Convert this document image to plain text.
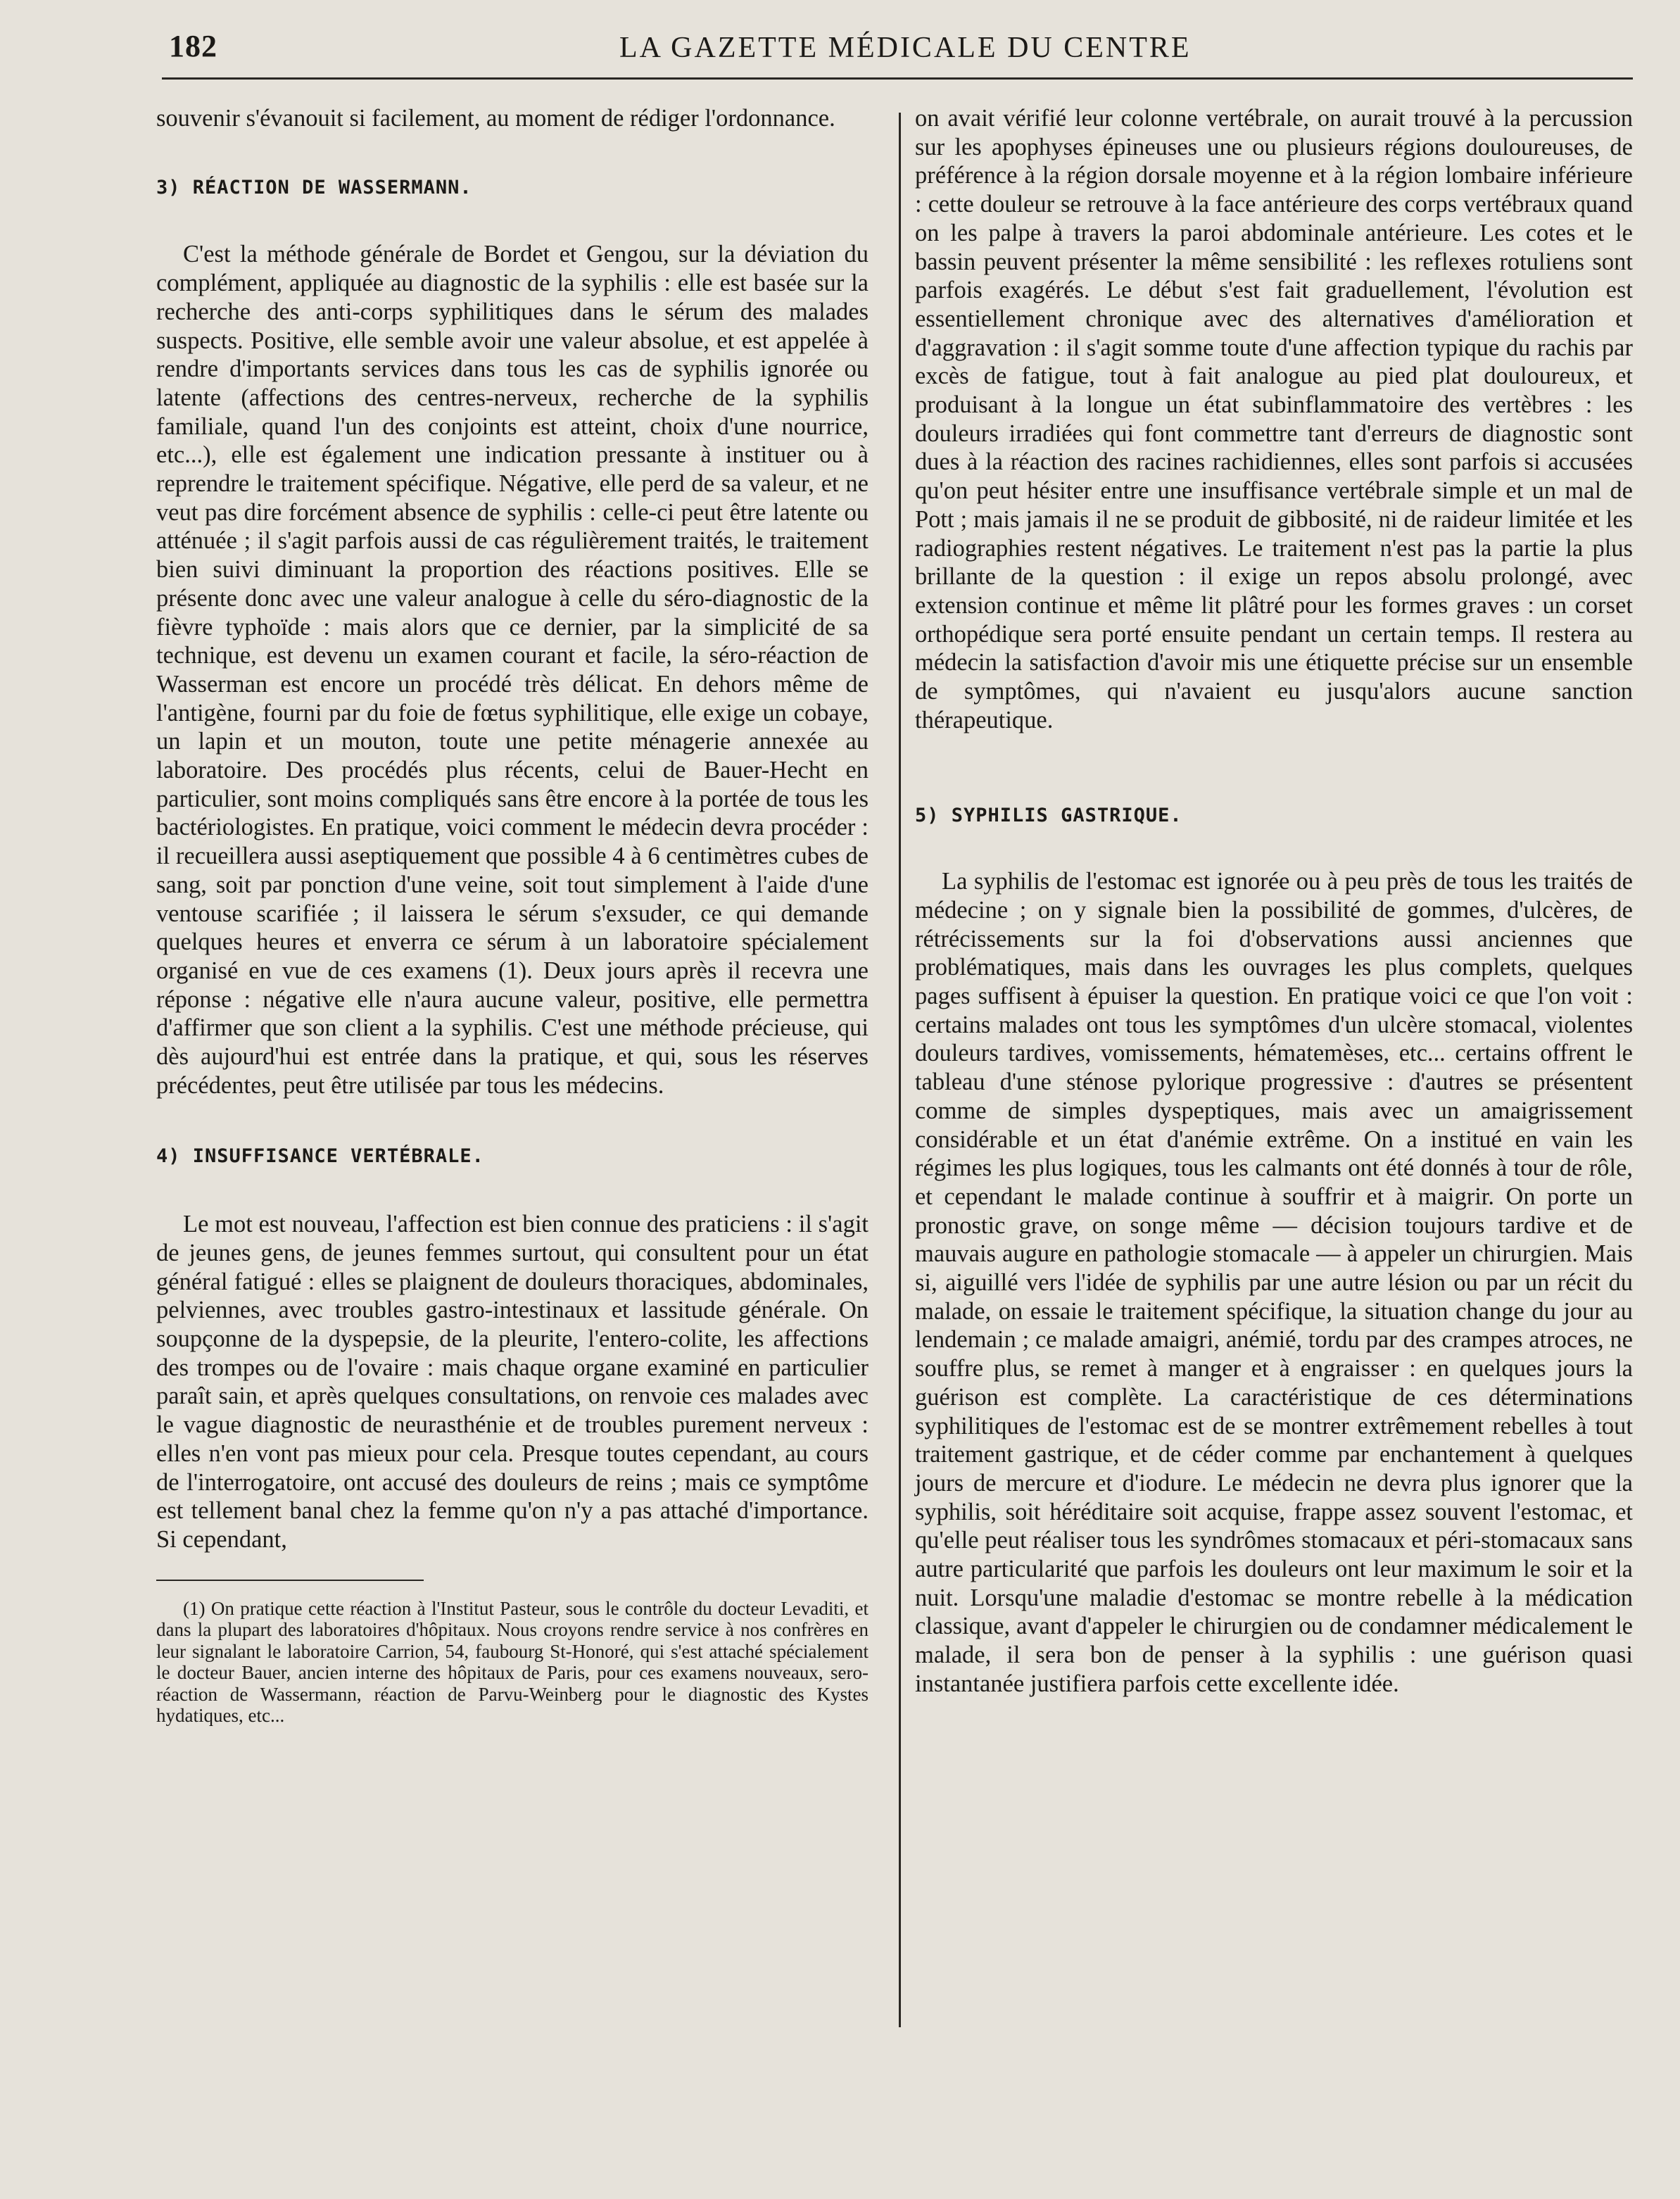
182	LA GAZETTE MÉDICALE DU CENTRE

souvenir s'évanouit si facilement, au moment de rédiger l'ordonnance.

3) RÉACTION DE WASSERMANN.

C'est la méthode générale de Bordet et Gengou, sur la déviation du complément, appliquée au diagnostic de la syphilis : elle est basée sur la recherche des anti-corps syphilitiques dans le sérum des malades suspects. Positive, elle semble avoir une valeur absolue, et est appelée à rendre d'importants services dans tous les cas de syphilis ignorée ou latente (affections des centres-nerveux, recherche de la syphilis familiale, quand l'un des conjoints est atteint, choix d'une nourrice, etc...), elle est également une indication pressante à instituer ou à reprendre le traitement spécifique. Négative, elle perd de sa valeur, et ne veut pas dire forcément absence de syphilis : celle-ci peut être latente ou atténuée ; il s'agit parfois aussi de cas régulièrement traités, le traitement bien suivi diminuant la proportion des réactions positives. Elle se présente donc avec une valeur analogue à celle du séro-diagnostic de la fièvre typhoïde : mais alors que ce dernier, par la simplicité de sa technique, est devenu un examen courant et facile, la séro-réaction de Wasserman est encore un procédé très délicat. En dehors même de l'antigène, fourni par du foie de fœtus syphilitique, elle exige un cobaye, un lapin et un mouton, toute une petite ménagerie annexée au laboratoire. Des procédés plus récents, celui de Bauer-Hecht en particulier, sont moins compliqués sans être encore à la portée de tous les bactériologistes. En pratique, voici comment le médecin devra procéder : il recueillera aussi aseptiquement que possible 4 à 6 centimètres cubes de sang, soit par ponction d'une veine, soit tout simplement à l'aide d'une ventouse scarifiée ; il laissera le sérum s'exsuder, ce qui demande quelques heures et enverra ce sérum à un laboratoire spécialement organisé en vue de ces examens (1). Deux jours après il recevra une réponse : négative elle n'aura aucune valeur, positive, elle permettra d'affirmer que son client a la syphilis. C'est une méthode précieuse, qui dès aujourd'hui est entrée dans la pratique, et qui, sous les réserves précédentes, peut être utilisée par tous les médecins.

4) INSUFFISANCE VERTÉBRALE.

Le mot est nouveau, l'affection est bien connue des praticiens : il s'agit de jeunes gens, de jeunes femmes surtout, qui consultent pour un état général fatigué : elles se plaignent de douleurs thoraciques, abdominales, pelviennes, avec troubles gastro-intestinaux et lassitude générale. On soupçonne de la dyspepsie, de la pleurite, l'entero-colite, les affections des trompes ou de l'ovaire : mais chaque organe examiné en particulier paraît sain, et après quelques consultations, on renvoie ces malades avec le vague diagnostic de neurasthénie et de troubles purement nerveux : elles n'en vont pas mieux pour cela. Presque toutes cependant, au cours de l'interrogatoire, ont accusé des douleurs de reins ; mais ce symptôme est tellement banal chez la femme qu'on n'y a pas attaché d'importance. Si cependant,

(1) On pratique cette réaction à l'Institut Pasteur, sous le contrôle du docteur Levaditi, et dans la plupart des laboratoires d'hôpitaux. Nous croyons rendre service à nos confrères en leur signalant le laboratoire Carrion, 54, faubourg St-Honoré, qui s'est attaché spécialement le docteur Bauer, ancien interne des hôpitaux de Paris, pour ces examens nouveaux, sero-réaction de Wassermann, réaction de Parvu-Weinberg pour le diagnostic des Kystes hydatiques, etc...

on avait vérifié leur colonne vertébrale, on aurait trouvé à la percussion sur les apophyses épineuses une ou plusieurs régions douloureuses, de préférence à la région dorsale moyenne et à la région lombaire inférieure : cette douleur se retrouve à la face antérieure des corps vertébraux quand on les palpe à travers la paroi abdominale antérieure. Les cotes et le bassin peuvent présenter la même sensibilité : les reflexes rotuliens sont parfois exagérés. Le début s'est fait graduellement, l'évolution est essentiellement chronique avec des alternatives d'amélioration et d'aggravation : il s'agit somme toute d'une affection typique du rachis par excès de fatigue, tout à fait analogue au pied plat douloureux, et produisant à la longue un état subinflammatoire des vertèbres : les douleurs irradiées qui font commettre tant d'erreurs de diagnostic sont dues à la réaction des racines rachidiennes, elles sont parfois si accusées qu'on peut hésiter entre une insuffisance vertébrale simple et un mal de Pott ; mais jamais il ne se produit de gibbosité, ni de raideur limitée et les radiographies restent négatives. Le traitement n'est pas la partie la plus brillante de la question : il exige un repos absolu prolongé, avec extension continue et même lit plâtré pour les formes graves : un corset orthopédique sera porté ensuite pendant un certain temps. Il restera au médecin la satisfaction d'avoir mis une étiquette précise sur un ensemble de symptômes, qui n'avaient eu jusqu'alors aucune sanction thérapeutique.

5) SYPHILIS GASTRIQUE.

La syphilis de l'estomac est ignorée ou à peu près de tous les traités de médecine ; on y signale bien la possibilité de gommes, d'ulcères, de rétrécissements sur la foi d'observations aussi anciennes que problématiques, mais dans les ouvrages les plus complets, quelques pages suffisent à épuiser la question. En pratique voici ce que l'on voit : certains malades ont tous les symptômes d'un ulcère stomacal, violentes douleurs tardives, vomissements, hématemèses, etc... certains offrent le tableau d'une sténose pylorique progressive : d'autres se présentent comme de simples dyspeptiques, mais avec un amaigrissement considérable et un état d'anémie extrême. On a institué en vain les régimes les plus logiques, tous les calmants ont été donnés à tour de rôle, et cependant le malade continue à souffrir et à maigrir. On porte un pronostic grave, on songe même — décision toujours tardive et de mauvais augure en pathologie stomacale — à appeler un chirurgien. Mais si, aiguillé vers l'idée de syphilis par une autre lésion ou par un récit du malade, on essaie le traitement spécifique, la situation change du jour au lendemain ; ce malade amaigri, anémié, tordu par des crampes atroces, ne souffre plus, se remet à manger et à engraisser : en quelques jours la guérison est complète. La caractéristique de ces déterminations syphilitiques de l'estomac est de se montrer extrêmement rebelles à tout traitement gastrique, et de céder comme par enchantement à quelques jours de mercure et d'iodure. Le médecin ne devra plus ignorer que la syphilis, soit héréditaire soit acquise, frappe assez souvent l'estomac, et qu'elle peut réaliser tous les syndrômes stomacaux et péri-stomacaux sans autre particularité que parfois les douleurs ont leur maximum le soir et la nuit. Lorsqu'une maladie d'estomac se montre rebelle à la médication classique, avant d'appeler le chirurgien ou de condamner médicalement le malade, il sera bon de penser à la syphilis : une guérison quasi instantanée justifiera parfois cette excellente idée.
